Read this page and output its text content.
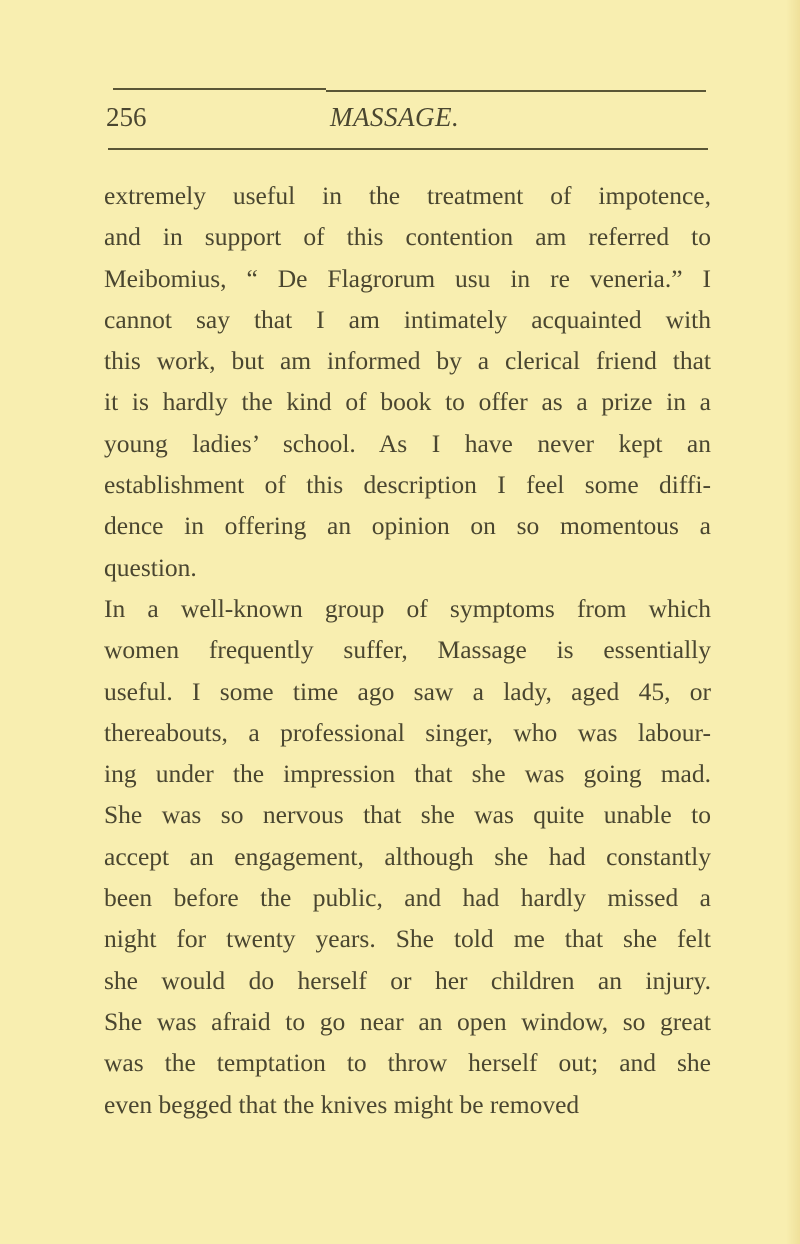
256	MASSAGE.
extremely useful in the treatment of impotence,
and in support of this contention am referred to
Meibomius, “ De Flagrorum usu in re veneria.” I
cannot say that I am intimately acquainted with
this work, but am informed by a clerical friend that
it is hardly the kind of book to offer as a prize in a
young ladies’ school. As I have never kept an
establishment of this description I feel some diffi-
dence in offering an opinion on so momentous a
question.
In a well-known group of symptoms from which
women frequently suffer, Massage is essentially
useful. I some time ago saw a lady, aged 45, or
thereabouts, a professional singer, who was labour-
ing under the impression that she was going mad.
She was so nervous that she was quite unable to
accept an engagement, although she had constantly
been before the public, and had hardly missed a
night for twenty years. She told me that she felt
she would do herself or her children an injury.
She was afraid to go near an open window, so great
was the temptation to throw herself out; and she
even begged that the knives might be removed
